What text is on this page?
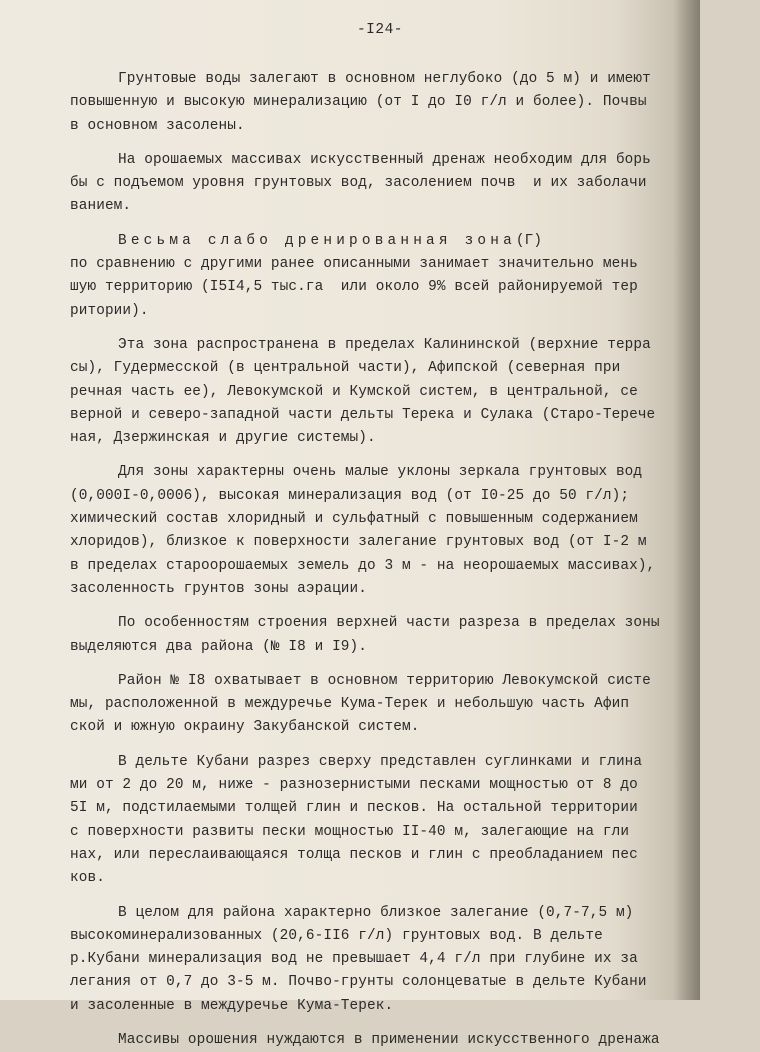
-I24-
Грунтовые воды залегают в основном неглубоко (до 5 м) и имеют
повышенную и высокую минерализацию (от I до I0 г/л и более). Почвы
в основном засолены.
На орошаемых массивах искусственный дренаж необходим для борь
бы с подъемом уровня грунтовых вод, засолением почв  и их заболачи
ванием.
Весьма слабо дренированная зона(Г)
по сравнению с другими ранее описанными занимает значительно мень
шую территорию (I5I4,5 тыс.га  или около 9% всей районируемой тер
ритории).
Эта зона распространена в пределах Калининской (верхние терра
сы), Гудермесской (в центральной части), Афипской (северная при
речная часть ее), Левокумской и Кумской систем, в центральной, се
верной и северо-западной части дельты Терека и Сулака (Старо-Терече
ная, Дзержинская и другие системы).
Для зоны характерны очень малые уклоны зеркала грунтовых вод
(0,000I-0,0006), высокая минерализация вод (от I0-25 до 50 г/л);
химический состав хлоридный и сульфатный с повышенным содержанием
хлоридов), близкое к поверхности залегание грунтовых вод (от I-2 м
в пределах староорошаемых земель до 3 м - на неорошаемых массивах),
засоленность грунтов зоны аэрации.
По особенностям строения верхней части разреза в пределах зоны
выделяются два района (№ I8 и I9).
Район № I8 охватывает в основном территорию Левокумской систе
мы, расположенной в междуречье Кума-Терек и небольшую часть Афип
ской и южную окраину Закубанской систем.
В дельте Кубани разрез сверху представлен суглинками и глина
ми от 2 до 20 м, ниже - разнозернистыми песками мощностью от 8 до
5I м, подстилаемыми толщей глин и песков. На остальной территории
с поверхности развиты пески мощностью II-40 м, залегающие на гли
нах, или переслаивающаяся толща песков и глин с преобладанием пес
ков.
В целом для района характерно близкое залегание (0,7-7,5 м)
высокоминерализованных (20,6-II6 г/л) грунтовых вод. В дельте
р.Кубани минерализация вод не превышает 4,4 г/л при глубине их за
легания от 0,7 до 3-5 м. Почво-грунты солонцеватые в дельте Кубани
и засоленные в междуречье Кума-Терек.
Массивы орошения нуждаются в применении искусственного дренажа
